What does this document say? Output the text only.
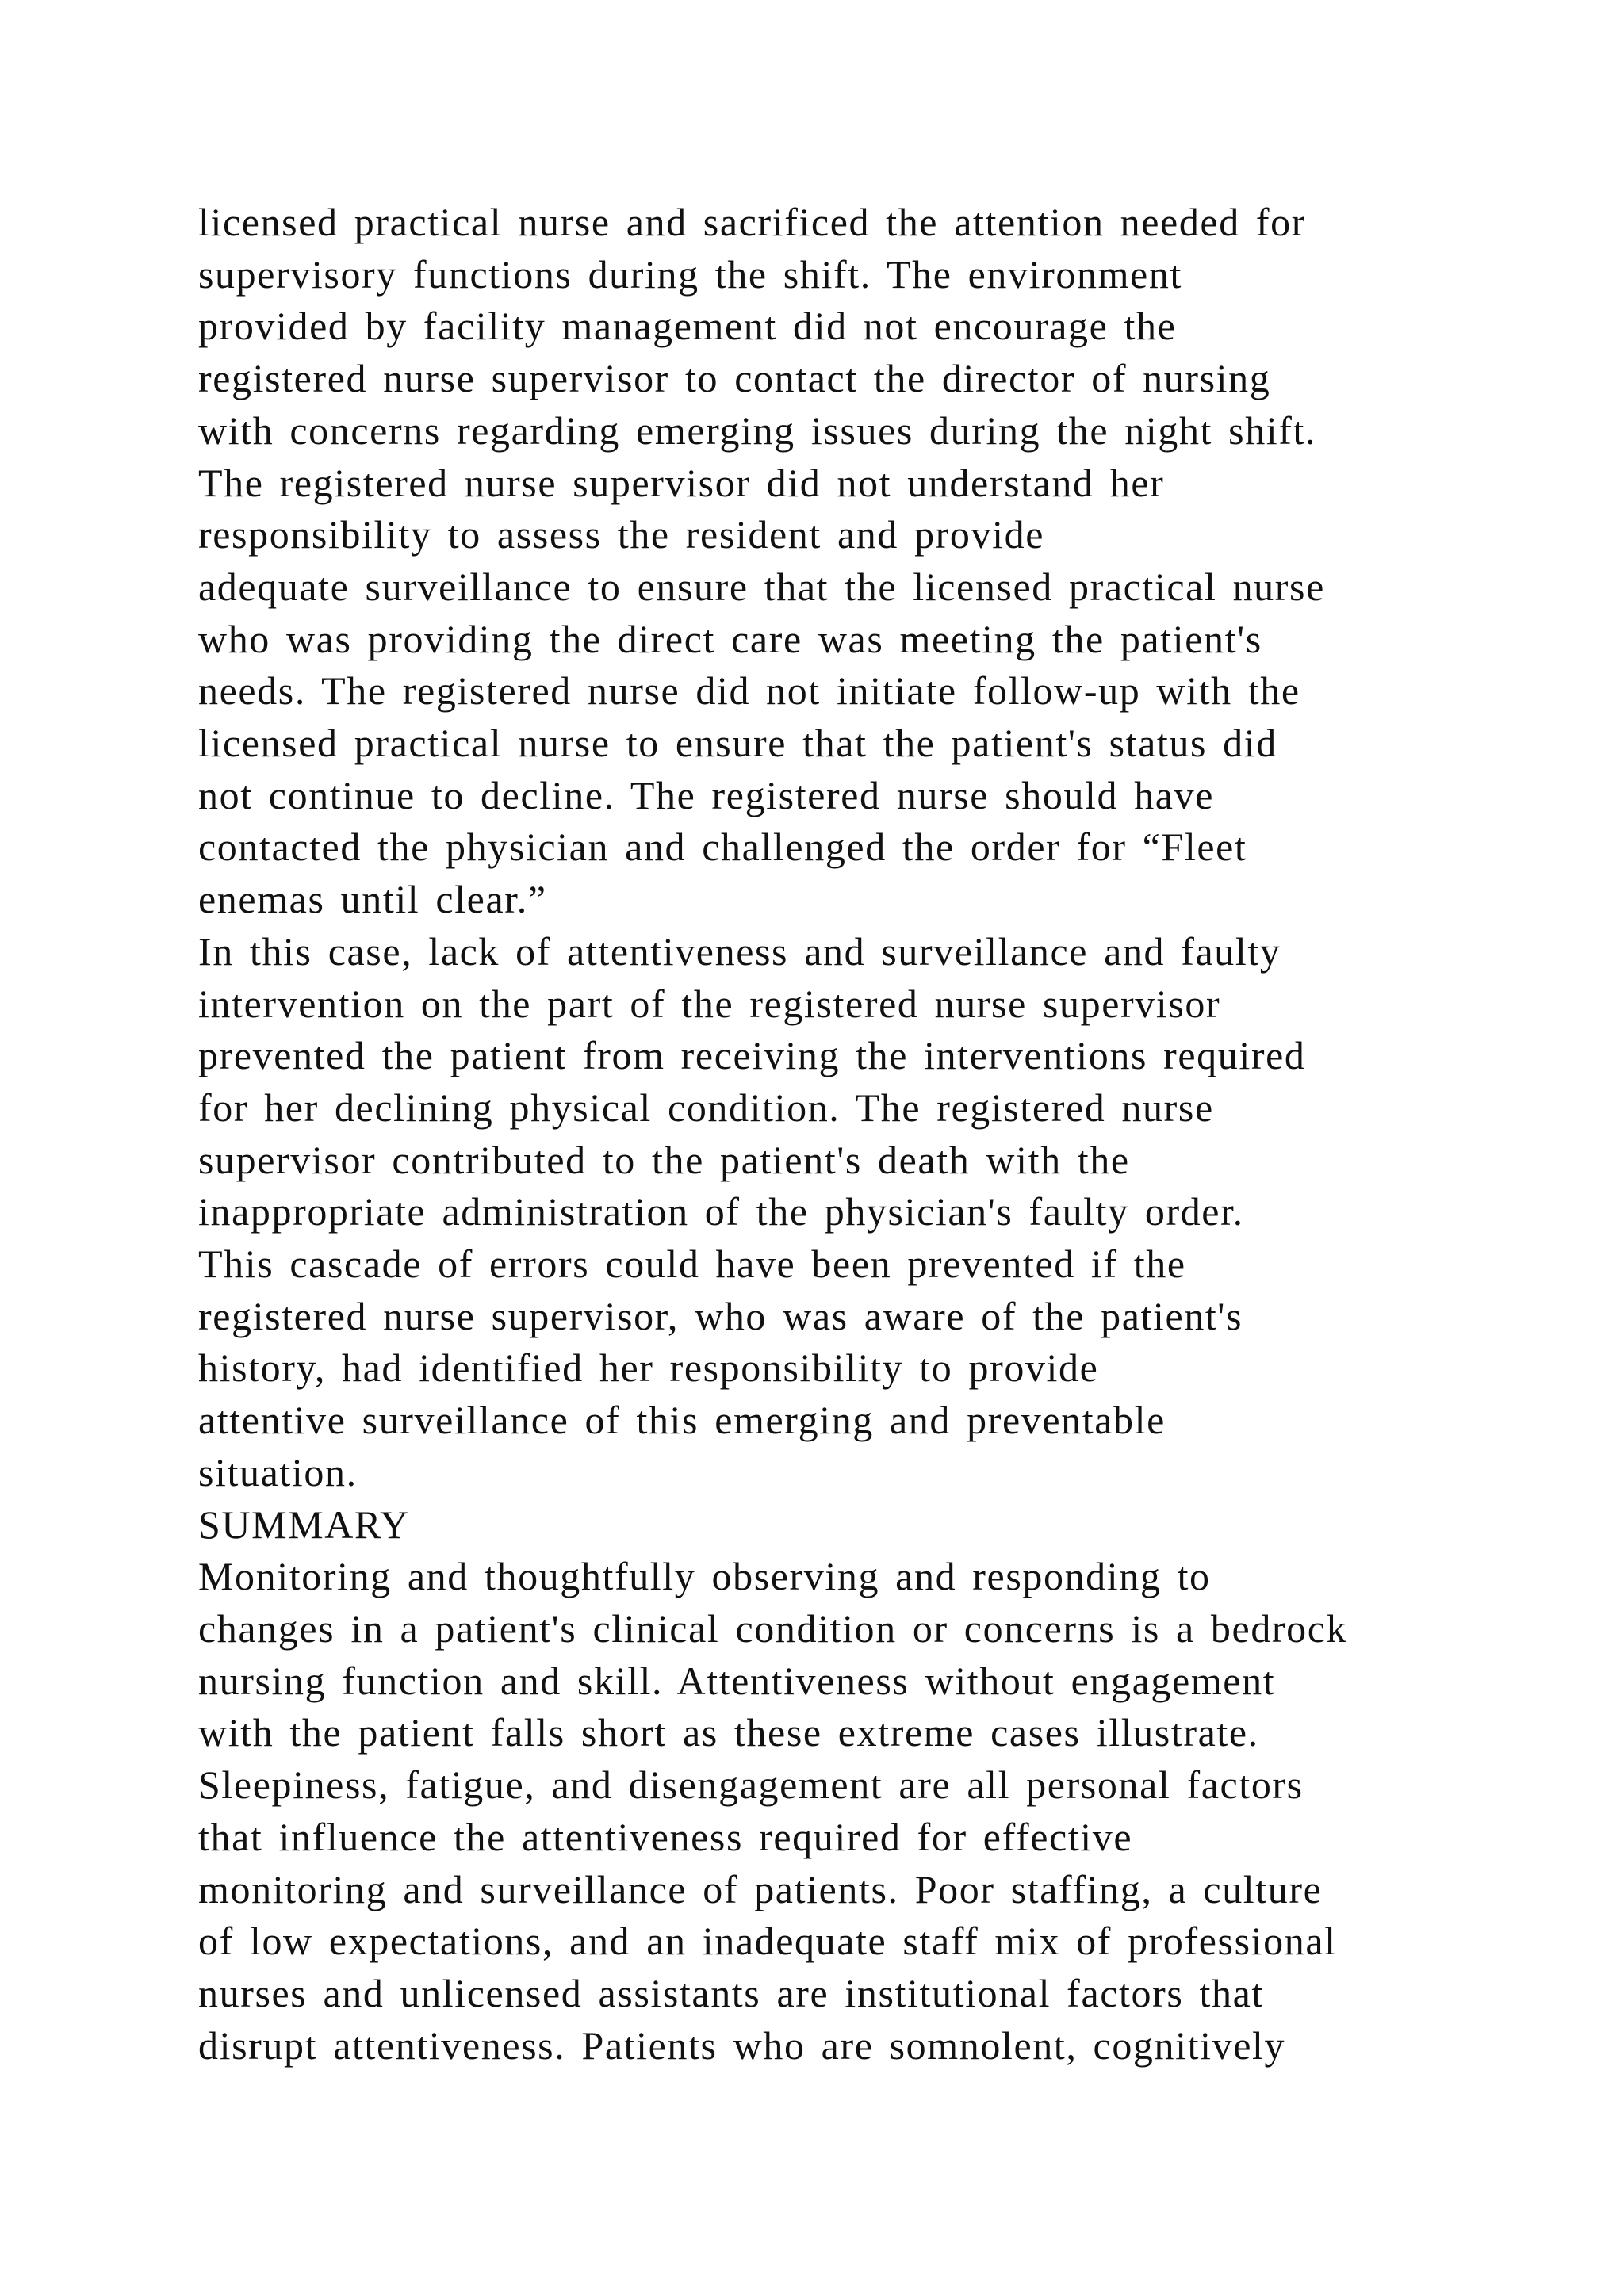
licensed practical nurse and sacrificed the attention needed for
supervisory functions during the shift. The environment
provided by facility management did not encourage the
registered nurse supervisor to contact the director of nursing
with concerns regarding emerging issues during the night shift.
The registered nurse supervisor did not understand her
responsibility to assess the resident and provide
adequate surveillance to ensure that the licensed practical nurse
who was providing the direct care was meeting the patient's
needs. The registered nurse did not initiate follow-up with the
licensed practical nurse to ensure that the patient's status did
not continue to decline. The registered nurse should have
contacted the physician and challenged the order for “Fleet
enemas until clear.”
In this case, lack of attentiveness and surveillance and faulty
intervention on the part of the registered nurse supervisor
prevented the patient from receiving the interventions required
for her declining physical condition. The registered nurse
supervisor contributed to the patient's death with the
inappropriate administration of the physician's faulty order.
This cascade of errors could have been prevented if the
registered nurse supervisor, who was aware of the patient's
history, had identified her responsibility to provide
attentive surveillance of this emerging and preventable
situation.
SUMMARY
Monitoring and thoughtfully observing and responding to
changes in a patient's clinical condition or concerns is a bedrock
nursing function and skill. Attentiveness without engagement
with the patient falls short as these extreme cases illustrate.
Sleepiness, fatigue, and disengagement are all personal factors
that influence the attentiveness required for effective
monitoring and surveillance of patients. Poor staffing, a culture
of low expectations, and an inadequate staff mix of professional
nurses and unlicensed assistants are institutional factors that
disrupt attentiveness. Patients who are somnolent, cognitively
